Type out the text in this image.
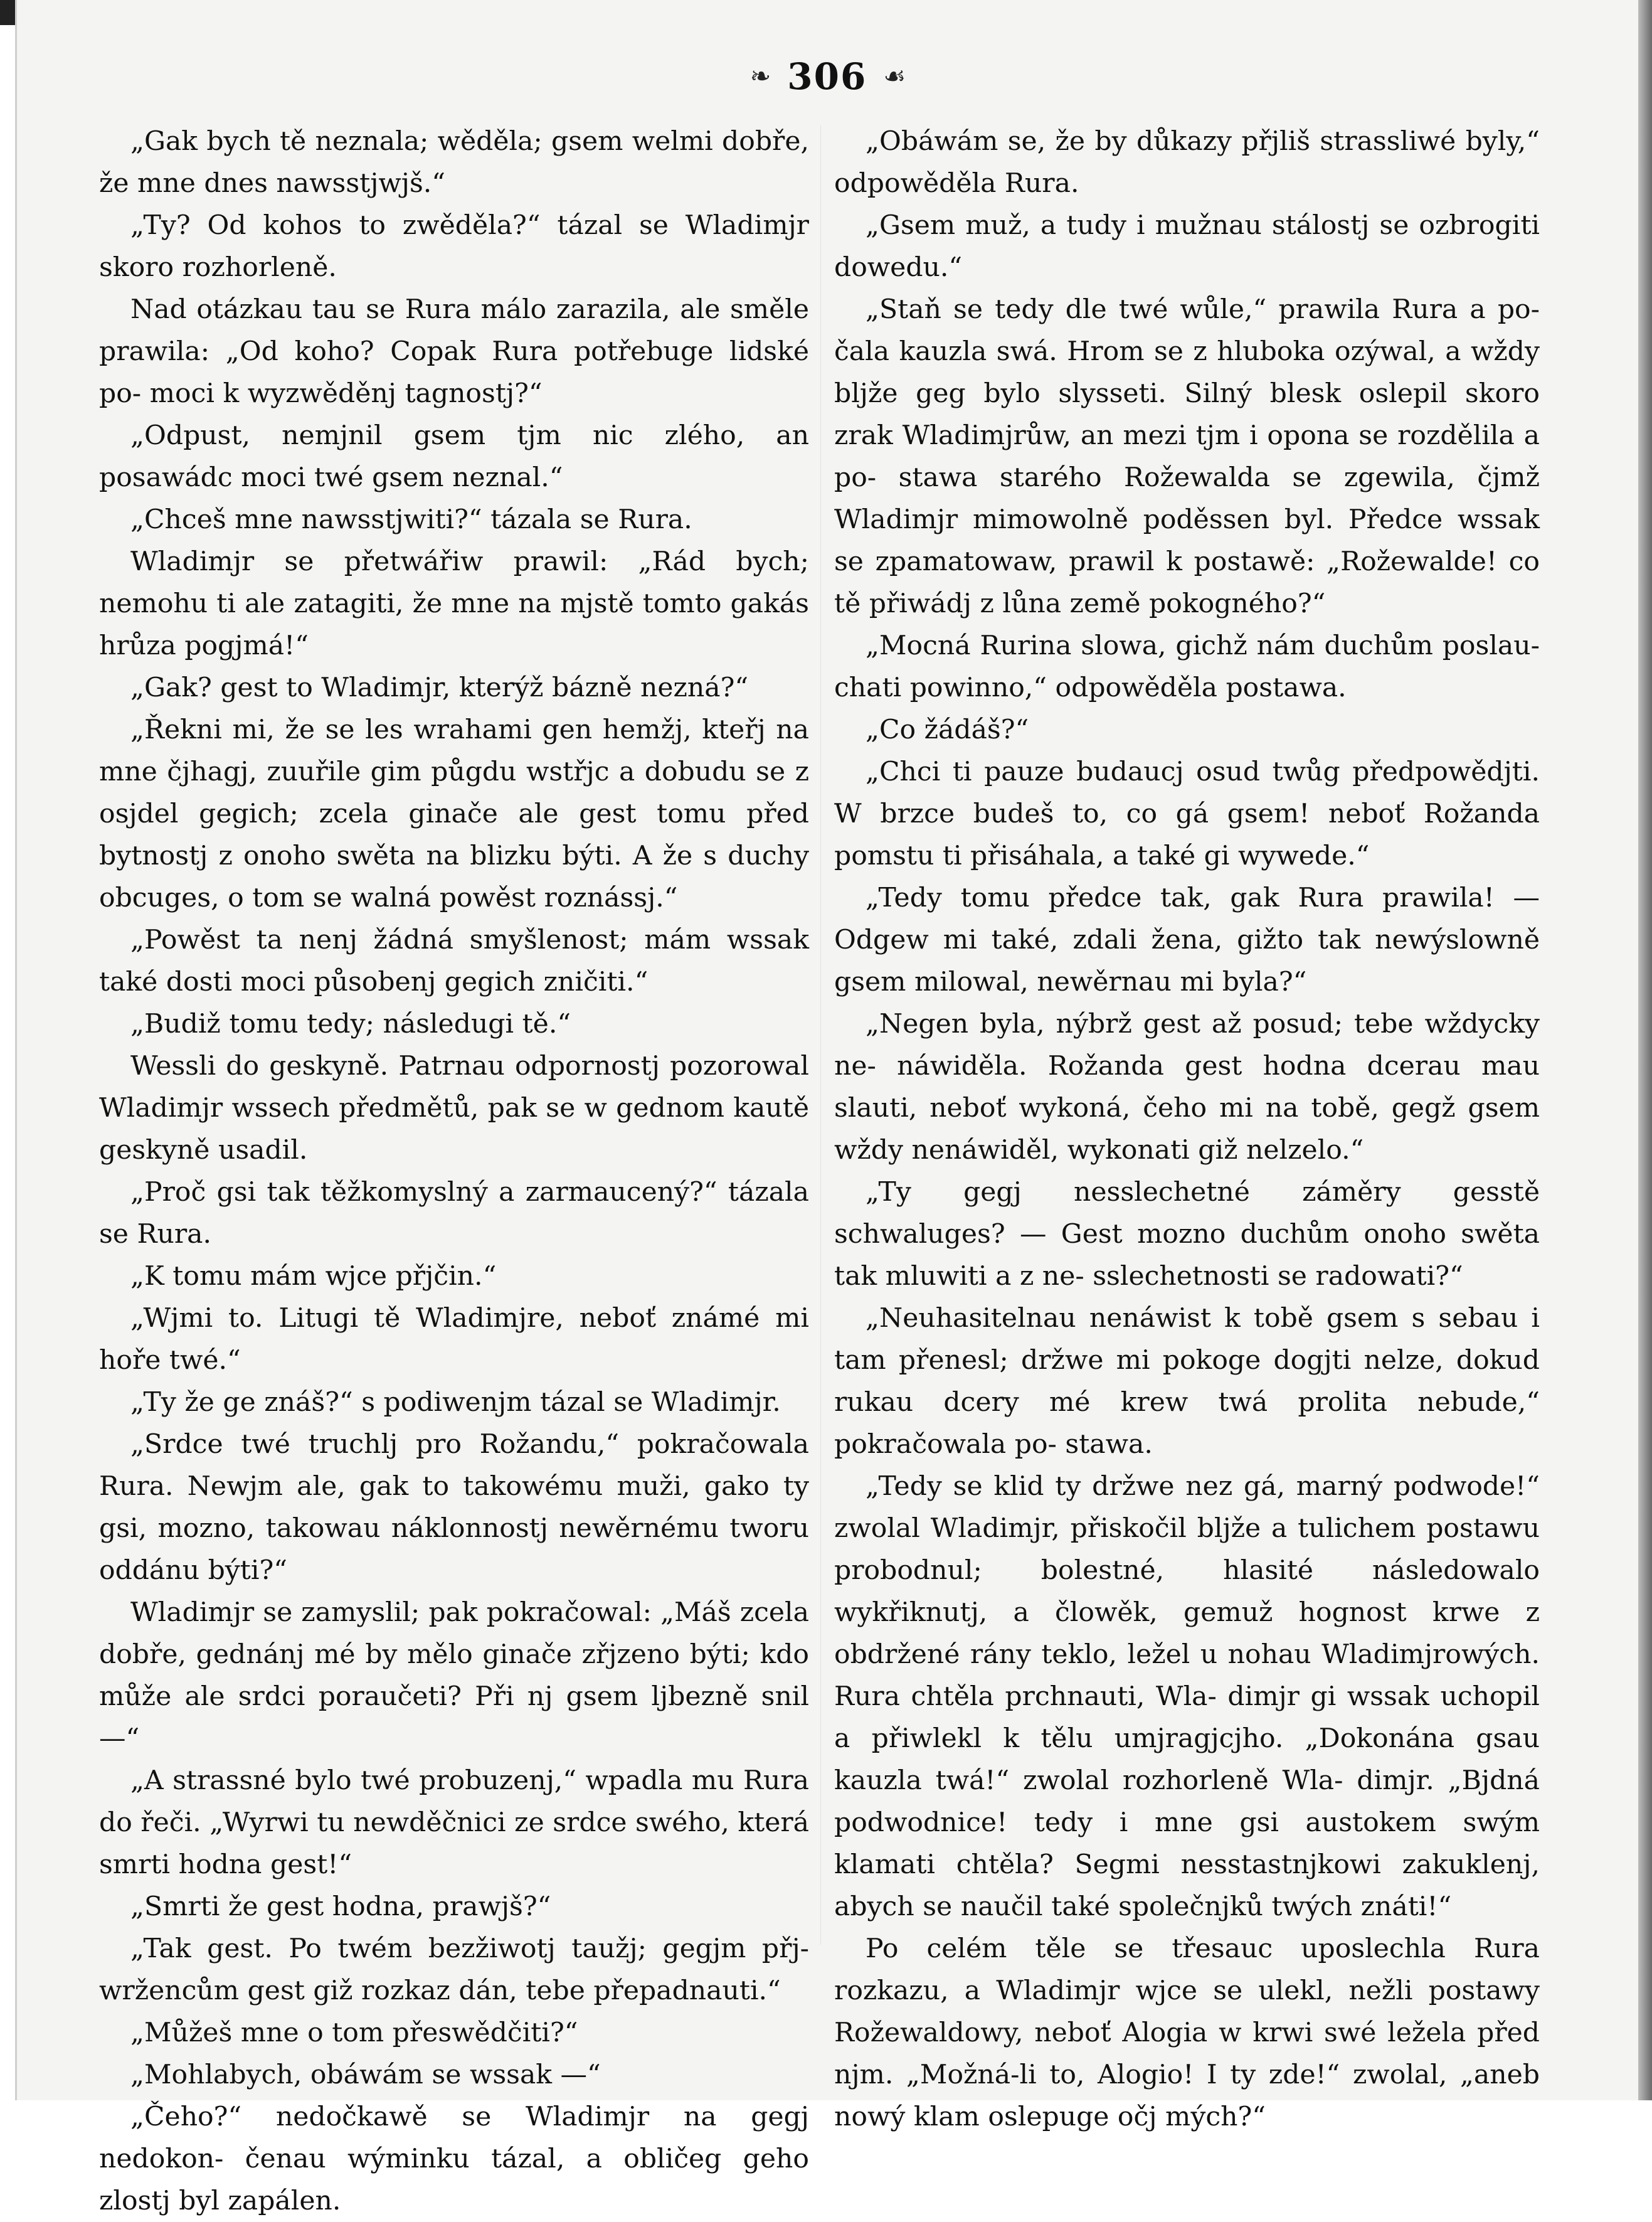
❧ 306 ☙

„Gak bych tě neznala; wěděla; gsem welmi dobře, že mne dnes nawsstjwjš.“

„Ty? Od kohos to zwěděla?“ tázal se Wladimjr skoro rozhorleně.

Nad otázkau tau se Rura málo zarazila, ale směle prawila: „Od koho? Copak Rura potřebuge lidské po- moci k wyzwěděnj tagnostj?“

„Odpust, nemjnil gsem tjm nic zlého, an posawádc moci twé gsem neznal.“

„Chceš mne nawsstjwiti?“ tázala se Rura.

Wladimjr se přetwářiw prawil: „Rád bych; nemohu ti ale zatagiti, že mne na mjstě tomto gakás hrůza pogjmá!“

„Gak? gest to Wladimjr, kterýž bázně nezná?“

„Řekni mi, že se les wrahami gen hemžj, kteřj na mne čjhagj, zuuřile gim půgdu wstřjc a dobudu se z osjdel gegich; zcela ginače ale gest tomu před bytnostj z onoho swěta na blizku býti. A že s duchy obcuges, o tom se walná powěst roznássj.“

„Powěst ta nenj žádná smyšlenost; mám wssak také dosti moci působenj gegich zničiti.“

„Budiž tomu tedy; následugi tě.“

Wessli do geskyně. Patrnau odpornostj pozorowal Wladimjr wssech předmětů, pak se w gednom kautě geskyně usadil.

„Proč gsi tak těžkomyslný a zarmaucený?“ tázala se Rura.

„K tomu mám wjce přjčin.“

„Wjmi to. Litugi tě Wladimjre, neboť známé mi hoře twé.“

„Ty že ge znáš?“ s podiwenjm tázal se Wladimjr.

„Srdce twé truchlj pro Rožandu,“ pokračowala Rura. Newjm ale, gak to takowému muži, gako ty gsi, mozno, takowau náklonnostj newěrnému tworu oddánu býti?“

Wladimjr se zamyslil; pak pokračowal: „Máš zcela dobře, gednánj mé by mělo ginače zřjzeno býti; kdo může ale srdci poraučeti? Při nj gsem ljbezně snil —“

„A strassné bylo twé probuzenj,“ wpadla mu Rura do řeči. „Wyrwi tu newděčnici ze srdce swého, která smrti hodna gest!“

„Smrti že gest hodna, prawjš?“

„Tak gest. Po twém bezžiwotj taužj; gegjm přj- wržencům gest giž rozkaz dán, tebe přepadnauti.“

„Můžeš mne o tom přeswědčiti?“

„Mohlabych, obáwám se wssak —“

„Čeho?“ nedočkawě se Wladimjr na gegj nedokon- čenau wýminku tázal, a obličeg geho zlostj byl zapálen.

„Obáwám se, že by důkazy přjliš strasslіwé byly,“ odpowěděla Rura.

„Gsem muž, a tudy i mužnau stálostj se ozbrogiti dowedu.“

„Staň se tedy dle twé wůle,“ prawila Rura a po- čala kauzla swá. Hrom se z hluboka ozýwal, a wždy bljže geg bylo slysseti. Silný blesk oslepil skoro zrak Wladimjrůw, an mezi tjm i opona se rozdělila a po- stawa starého Rožewalda se zgewila, čjmž Wladimjr mimowolně poděssen byl. Předce wssak se zpamatowaw, prawil k postawě: „Rožewalde! co tě přiwádj z lůna země pokogného?“

„Mocná Rurina slowa, gichž nám duchům poslau- chati powinno,“ odpowěděla postawa.

„Co žádáš?“

„Chci ti pauze budaucj osud twůg předpowědjti. W brzce budeš to, co gá gsem! neboť Rožanda pomstu ti přisáhala, a také gi wywede.“

„Tedy tomu předce tak, gak Rura prawila! — Odgew mi také, zdali žena, gižto tak newýslowně gsem milowal, newěrnau mi byla?“

„Negen byla, nýbrž gest až posud; tebe wždycky ne- náwiděla. Rožanda gest hodna dcerau mau slauti, neboť wykoná, čeho mi na tobě, gegž gsem wždy nenáwiděl, wykonati giž nelzelo.“

„Ty gegj nesslechetné záměry gesstě schwaluges? — Gest mozno duchům onoho swěta tak mluwiti a z ne- sslechetnosti se radowati?“

„Neuhasitelnau nenáwist k tobě gsem s sebau i tam přenesl; držwe mi pokoge dogjti nelze, dokud rukau dcery mé krew twá prolita nebude,“ pokračowala po- stawa.

„Tedy se klid ty držwe nez gá, marný podwode!“ zwolal Wladimjr, přiskočil blјže a tulichem postawu probodnul; bolestné, hlasité následowalo wykřiknutj, a člowěk, gemuž hognost krwe z obdržené rány teklo, ležel u nohau Wladimjrowých. Rura chtěla prchnauti, Wla- dimjr gi wssak uchopil a přiwlekl k tělu umjragjcjho. „Dokonána gsau kauzla twá!“ zwolal rozhorleně Wla- dimjr. „Bjdná podwodnice! tedy i mne gsi austokem swým klamati chtěla? Segmi nesstastnjkowi zakuklenj, abych se naučil také společnjků twých znáti!“

Po celém těle se třesauc uposlechla Rura rozkazu, a Wladimjr wjce se ulekl, nežli postawy Rožewaldowy, neboť Alogia w krwi swé ležela před njm. „Možná-li to, Alogio! I ty zde!“ zwolal, „aneb nowý klam oslepuge očj mých?“
